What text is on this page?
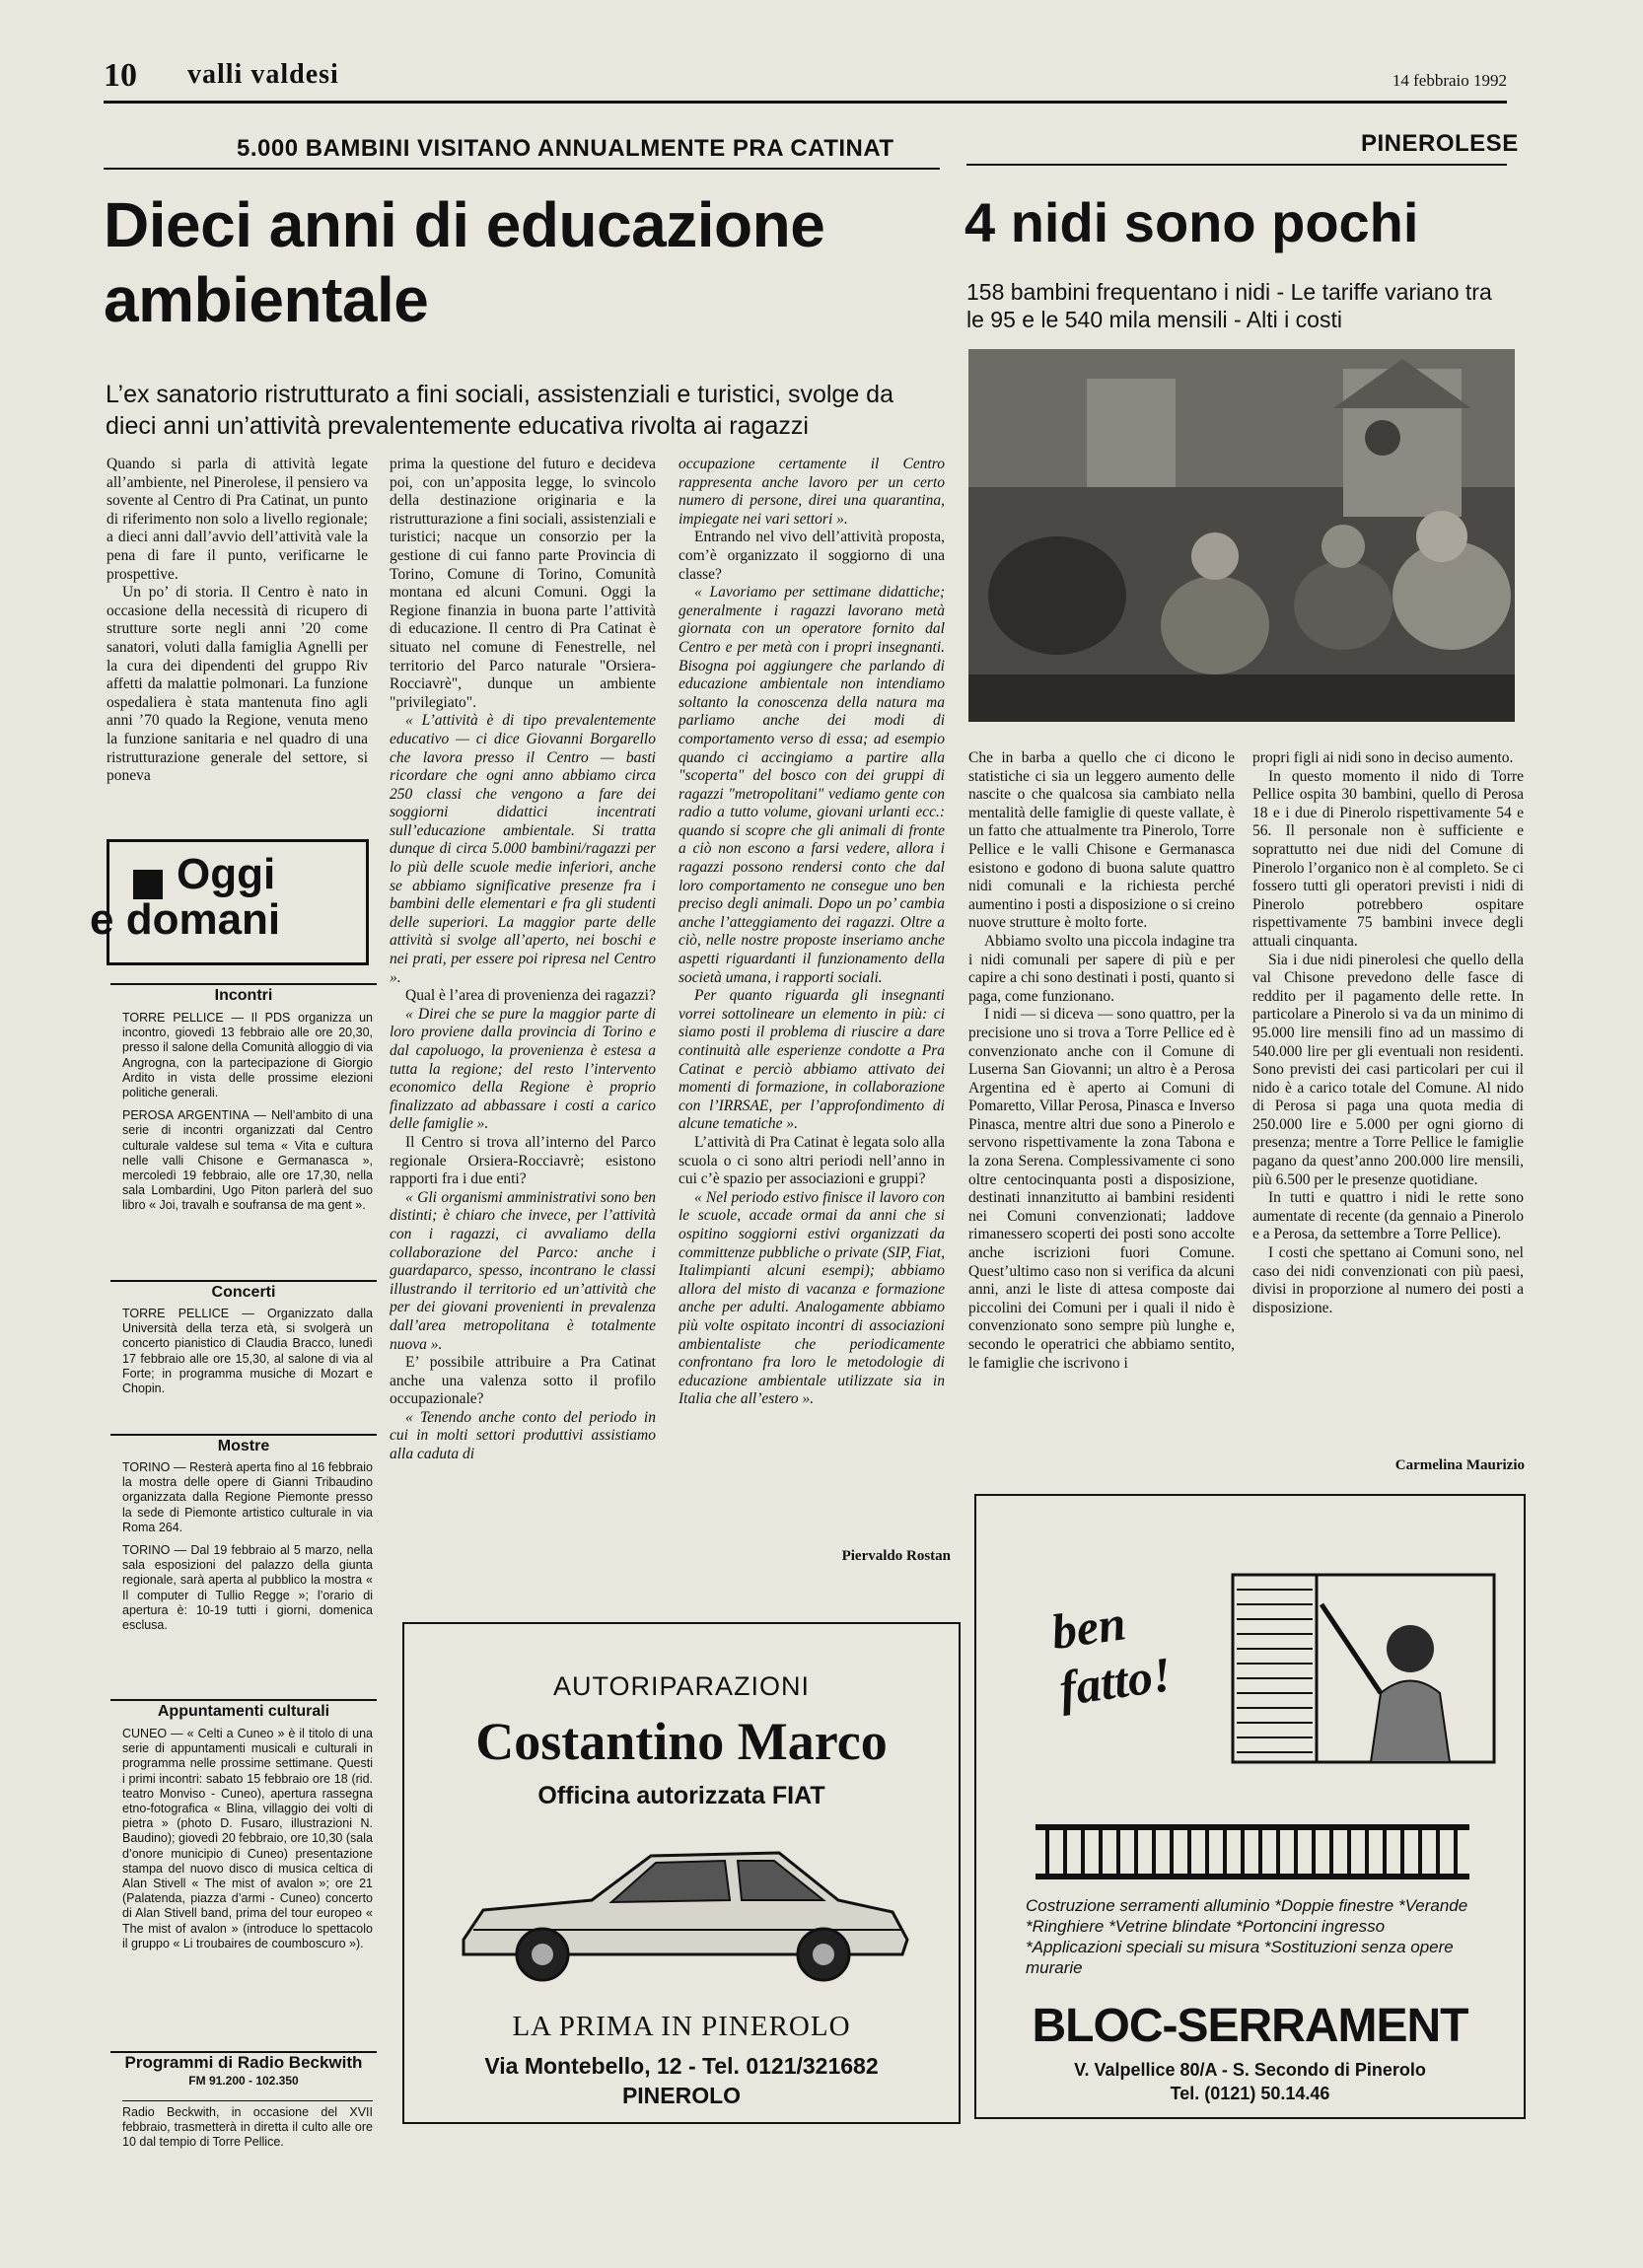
10 valli valdesi	14 febbraio 1992
5.000 BAMBINI VISITANO ANNUALMENTE PRA CATINAT	PINEROLESE
Dieci anni di educazione ambientale
L’ex sanatorio ristrutturato a fini sociali, assistenziali e turistici, svolge da dieci anni un’attività prevalentemente educativa rivolta ai ragazzi

Quando si parla di attività legate all’ambiente, nel Pinerolese, il pensiero va sovente al Centro di Pra Catinat, un punto di riferimento non solo a livello regionale; a dieci anni dall’avvio dell’attività vale la pena di fare il punto, verificarne le prospettive.

Un po’ di storia. Il Centro è nato in occasione della necessità di ricupero di strutture sorte negli anni ’20 come sanatori, voluti dalla famiglia Agnelli per la cura dei dipendenti del gruppo Riv affetti da malattie polmonari. La funzione ospedaliera è stata mantenuta fino agli anni ’70 quado la Regione, venuta meno la funzione sanitaria e nel quadro di una ristrutturazione generale del settore, si poneva

prima la questione del futuro e decideva poi, con un’apposita legge, lo svincolo della destinazione originaria e la ristrutturazione a fini sociali, assistenziali e turistici; nacque un consorzio per la gestione di cui fanno parte Provincia di Torino, Comune di Torino, Comunità montana ed alcuni Comuni. Oggi la Regione finanzia in buona parte l’attività di educazione. Il centro di Pra Catinat è situato nel comune di Fenestrelle, nel territorio del Parco naturale "Orsiera-Rocciavrè", dunque un ambiente "privilegiato".

« L’attività è di tipo prevalentemente educativo — ci dice Giovanni Borgarello che lavora presso il Centro — basti ricordare che ogni anno abbiamo circa 250 classi che vengono a fare dei soggiorni didattici incentrati sull’educazione ambientale. Si tratta dunque di circa 5.000 bambini/ragazzi per lo più delle scuole medie inferiori, anche se abbiamo significative presenze fra i bambini delle elementari e fra gli studenti delle superiori. La maggior parte delle attività si svolge all’aperto, nei boschi e nei prati, per essere poi ripresa nel Centro ».

Qual è l’area di provenienza dei ragazzi?

« Direi che se pure la maggior parte di loro proviene dalla provincia di Torino e dal capoluogo, la provenienza è estesa a tutta la regione; del resto l’intervento economico della Regione è proprio finalizzato ad abbassare i costi a carico delle famiglie ».

Il Centro si trova all’interno del Parco regionale Orsiera-Rocciavrè; esistono rapporti fra i due enti?

« Gli organismi amministrativi sono ben distinti; è chiaro che invece, per l’attività con i ragazzi, ci avvaliamo della collaborazione del Parco: anche i guardaparco, spesso, incontrano le classi illustrando il territorio ed un’attività che per dei giovani provenienti in prevalenza dall’area metropolitana è totalmente nuova ».

E’ possibile attribuire a Pra Catinat anche una valenza sotto il profilo occupazionale?

« Tenendo anche conto del periodo in cui in molti settori produttivi assistiamo alla caduta di

occupazione certamente il Centro rappresenta anche lavoro per un certo numero di persone, direi una quarantina, impiegate nei vari settori ».

Entrando nel vivo dell’attività proposta, com’è organizzato il soggiorno di una classe?

« Lavoriamo per settimane didattiche; generalmente i ragazzi lavorano metà giornata con un operatore fornito dal Centro e per metà con i propri insegnanti. Bisogna poi aggiungere che parlando di educazione ambientale non intendiamo soltanto la conoscenza della natura ma parliamo anche dei modi di comportamento verso di essa; ad esempio quando ci accingiamo a partire alla "scoperta" del bosco con dei gruppi di ragazzi "metropolitani" vediamo gente con radio a tutto volume, giovani urlanti ecc.: quando si scopre che gli animali di fronte a ciò non escono a farsi vedere, allora i ragazzi possono rendersi conto che dal loro comportamento ne consegue uno ben preciso degli animali. Dopo un po’ cambia anche l’atteggiamento dei ragazzi. Oltre a ciò, nelle nostre proposte inseriamo anche aspetti riguardanti il funzionamento della società umana, i rapporti sociali.

Per quanto riguarda gli insegnanti vorrei sottolineare un elemento in più: ci siamo posti il problema di riuscire a dare continuità alle esperienze condotte a Pra Catinat e perciò abbiamo attivato dei momenti di formazione, in collaborazione con l’IRRSAE, per l’approfondimento di alcune tematiche ».

L’attività di Pra Catinat è legata solo alla scuola o ci sono altri periodi nell’anno in cui c’è spazio per associazioni e gruppi?

« Nel periodo estivo finisce il lavoro con le scuole, accade ormai da anni che si ospitino soggiorni estivi organizzati da committenze pubbliche o private (SIP, Fiat, Italimpianti alcuni esempi); abbiamo allora del misto di vacanza e formazione anche per adulti. Analogamente abbiamo più volte ospitato incontri di associazioni ambientaliste che periodicamente confrontano fra loro le metodologie di educazione ambientale utilizzate sia in Italia che all’estero ».

Piervaldo Rostan
4 nidi sono pochi
158 bambini frequentano i nidi - Le tariffe variano tra le 95 e le 540 mila mensili - Alti i costi

Che in barba a quello che ci dicono le statistiche ci sia un leggero aumento delle nascite o che qualcosa sia cambiato nella mentalità delle famiglie di queste vallate, è un fatto che attualmente tra Pinerolo, Torre Pellice e le valli Chisone e Germanasca esistono e godono di buona salute quattro nidi comunali e la richiesta perché aumentino i posti a disposizione o si creino nuove strutture è molto forte.

Abbiamo svolto una piccola indagine tra i nidi comunali per sapere di più e per capire a chi sono destinati i posti, quanto si paga, come funzionano.

I nidi — si diceva — sono quattro, per la precisione uno si trova a Torre Pellice ed è convenzionato anche con il Comune di Luserna San Giovanni; un altro è a Perosa Argentina ed è aperto ai Comuni di Pomaretto, Villar Perosa, Pinasca e Inverso Pinasca, mentre altri due sono a Pinerolo e servono rispettivamente la zona Tabona e la zona Serena. Complessivamente ci sono oltre centocinquanta posti a disposizione, destinati innanzitutto ai bambini residenti nei Comuni convenzionati; laddove rimanessero scoperti dei posti sono accolte anche iscrizioni fuori Comune. Quest’ultimo caso non si verifica da alcuni anni, anzi le liste di attesa composte dai piccolini dei Comuni per i quali il nido è convenzionato sono sempre più lunghe e, secondo le operatrici che abbiamo sentito, le famiglie che iscrivono i

propri figli ai nidi sono in deciso aumento.

In questo momento il nido di Torre Pellice ospita 30 bambini, quello di Perosa 18 e i due di Pinerolo rispettivamente 54 e 56. Il personale non è sufficiente e soprattutto nei due nidi del Comune di Pinerolo l’organico non è al completo. Se ci fossero tutti gli operatori previsti i nidi di Pinerolo potrebbero ospitare rispettivamente 75 bambini invece degli attuali cinquanta.

Sia i due nidi pinerolesi che quello della val Chisone prevedono delle fasce di reddito per il pagamento delle rette. In particolare a Pinerolo si va da un minimo di 95.000 lire mensili fino ad un massimo di 540.000 lire per gli eventuali non residenti. Sono previsti dei casi particolari per cui il nido è a carico totale del Comune. Al nido di Perosa si paga una quota media di 250.000 lire e 5.000 per ogni giorno di presenza; mentre a Torre Pellice le famiglie pagano da quest’anno 200.000 lire mensili, più 6.500 per le presenze quotidiane.

In tutti e quattro i nidi le rette sono aumentate di recente (da gennaio a Pinerolo e a Perosa, da settembre a Torre Pellice).

I costi che spettano ai Comuni sono, nel caso dei nidi convenzionati con più paesi, divisi in proporzione al numero dei posti a disposizione.

Carmelina Maurizio
Oggi
e domani
Incontri

TORRE PELLICE — Il PDS organizza un incontro, giovedì 13 febbraio alle ore 20,30, presso il salone della Comunità alloggio di via Angrogna, con la partecipazione di Giorgio Ardito in vista delle prossime elezioni politiche generali.

PEROSA ARGENTINA — Nell’ambito di una serie di incontri organizzati dal Centro culturale valdese sul tema « Vita e cultura nelle valli Chisone e Germanasca », mercoledì 19 febbraio, alle ore 17,30, nella sala Lombardini, Ugo Piton parlerà del suo libro « Joi, travalh e soufransa de ma gent ».

Concerti

TORRE PELLICE — Organizzato dalla Università della terza età, si svolgerà un concerto pianistico di Claudia Bracco, lunedì 17 febbraio alle ore 15,30, al salone di via al Forte; in programma musiche di Mozart e Chopin.

Mostre

TORINO — Resterà aperta fino al 16 febbraio la mostra delle opere di Gianni Tribaudino organizzata dalla Regione Piemonte presso la sede di Piemonte artistico culturale in via Roma 264.

TORINO — Dal 19 febbraio al 5 marzo, nella sala esposizioni del palazzo della giunta regionale, sarà aperta al pubblico la mostra « Il computer di Tullio Regge »; l’orario di apertura è: 10-19 tutti i giorni, domenica esclusa.

Appuntamenti culturali

CUNEO — « Celti a Cuneo » è il titolo di una serie di appuntamenti musicali e culturali in programma nelle prossime settimane. Questi i primi incontri: sabato 15 febbraio ore 18 (rid. teatro Monviso - Cuneo), apertura rassegna etno-fotografica « Blina, villaggio dei volti di pietra » (photo D. Fusaro, illustrazioni N. Baudino); giovedì 20 febbraio, ore 10,30 (sala d’onore municipio di Cuneo) presentazione stampa del nuovo disco di musica celtica di Alan Stivell « The mist of avalon »; ore 21 (Palatenda, piazza d’armi - Cuneo) concerto di Alan Stivell band, prima del tour europeo « The mist of avalon » (introduce lo spettacolo il gruppo « Li troubaires de coumboscuro »).

Programmi di Radio Beckwith
FM 91.200 - 102.350
Radio Beckwith, in occasione del XVII febbraio, trasmetterà in diretta il culto alle ore 10 dal tempio di Torre Pellice.
AUTORIPARAZIONI
Costantino Marco
Officina autorizzata FIAT
LA PRIMA IN PINEROLO
Via Montebello, 12 - Tel. 0121/321682
PINEROLO
ben fatto!
Costruzione serramenti alluminio *Doppie finestre *Verande *Ringhiere *Vetrine blindate *Portoncini ingresso *Applicazioni speciali su misura *Sostituzioni senza opere murarie
BLOC-SERRAMENT
V. Valpellice 80/A - S. Secondo di Pinerolo
Tel. (0121) 50.14.46
